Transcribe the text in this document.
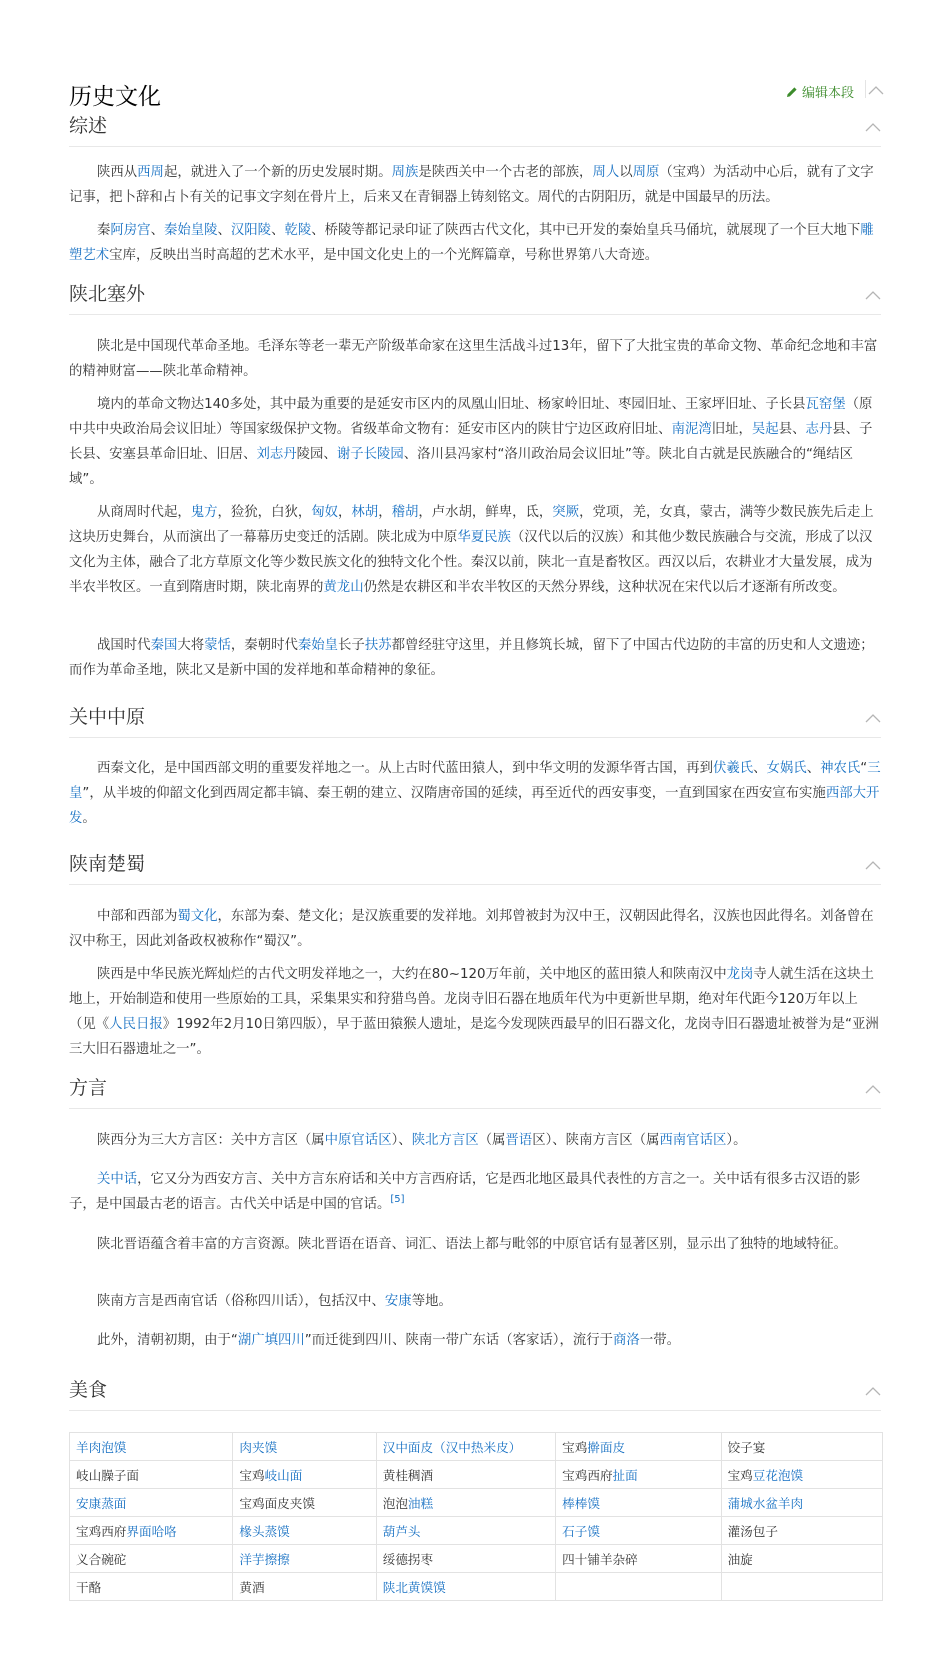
历史文化	编辑本段
综述

陕西从西周起，就进入了一个新的历史发展时期。周族是陕西关中一个古老的部族，周人以周原（宝鸡）为活动中心后，就有了文字记事，把卜辞和占卜有关的记事文字刻在骨片上，后来又在青铜器上铸刻铭文。周代的古阴阳历，就是中国最早的历法。

秦阿房宫、秦始皇陵、汉阳陵、乾陵、桥陵等都记录印证了陕西古代文化，其中已开发的秦始皇兵马俑坑，就展现了一个巨大地下雕塑艺术宝库，反映出当时高超的艺术水平，是中国文化史上的一个光辉篇章，号称世界第八大奇迹。

陕北塞外

陕北是中国现代革命圣地。毛泽东等老一辈无产阶级革命家在这里生活战斗过13年，留下了大批宝贵的革命文物、革命纪念地和丰富的精神财富——陕北革命精神。

境内的革命文物达140多处，其中最为重要的是延安市区内的凤凰山旧址、杨家岭旧址、枣园旧址、王家坪旧址、子长县瓦窑堡（原中共中央政治局会议旧址）等国家级保护文物。省级革命文物有：延安市区内的陕甘宁边区政府旧址、南泥湾旧址，吴起县、志丹县、子长县、安塞县革命旧址、旧居、刘志丹陵园、谢子长陵园、洛川县冯家村“洛川政治局会议旧址”等。陕北自古就是民族融合的“绳结区域”。

从商周时代起，鬼方，猃狁，白狄，匈奴，林胡，稽胡，卢水胡，鲜卑，氐，突厥，党项，羌，女真，蒙古，满等少数民族先后走上这块历史舞台，从而演出了一幕幕历史变迁的活剧。陕北成为中原华夏民族（汉代以后的汉族）和其他少数民族融合与交流，形成了以汉文化为主体，融合了北方草原文化等少数民族文化的独特文化个性。秦汉以前，陕北一直是畜牧区。西汉以后，农耕业才大量发展，成为半农半牧区。一直到隋唐时期，陕北南界的黄龙山仍然是农耕区和半农半牧区的天然分界线，这种状况在宋代以后才逐渐有所改变。

战国时代秦国大将蒙恬，秦朝时代秦始皇长子扶苏都曾经驻守这里，并且修筑长城，留下了中国古代边防的丰富的历史和人文遗迹；而作为革命圣地，陕北又是新中国的发祥地和革命精神的象征。

关中中原

西秦文化，是中国西部文明的重要发祥地之一。从上古时代蓝田猿人，到中华文明的发源华胥古国，再到伏羲氏、女娲氏、神农氏“三皇”，从半坡的仰韶文化到西周定都丰镐、秦王朝的建立、汉隋唐帝国的延续，再至近代的西安事变，一直到国家在西安宣布实施西部大开发。

陕南楚蜀

中部和西部为蜀文化，东部为秦、楚文化；是汉族重要的发祥地。刘邦曾被封为汉中王，汉朝因此得名，汉族也因此得名。刘备曾在汉中称王，因此刘备政权被称作“蜀汉”。

陕西是中华民族光辉灿烂的古代文明发祥地之一，大约在80~120万年前，关中地区的蓝田猿人和陕南汉中龙岗寺人就生活在这块土地上，开始制造和使用一些原始的工具，采集果实和狩猎鸟兽。龙岗寺旧石器在地质年代为中更新世早期，绝对年代距今120万年以上（见《人民日报》1992年2月10日第四版），早于蓝田猿猴人遗址，是迄今发现陕西最早的旧石器文化，龙岗寺旧石器遗址被誉为是“亚洲三大旧石器遗址之一”。

方言

陕西分为三大方言区：关中方言区（属中原官话区）、陕北方言区（属晋语区）、陕南方言区（属西南官话区）。

关中话，它又分为西安方言、关中方言东府话和关中方言西府话，它是西北地区最具代表性的方言之一。关中话有很多古汉语的影子，是中国最古老的语言。古代关中话是中国的官话。[5]

陕北晋语蕴含着丰富的方言资源。陕北晋语在语音、词汇、语法上都与毗邻的中原官话有显著区别，显示出了独特的地域特征。

陕南方言是西南官话（俗称四川话），包括汉中、安康等地。

此外，清朝初期，由于“湖广填四川”而迁徙到四川、陕南一带广东话（客家话），流行于商洛一带。

美食
羊肉泡馍	肉夹馍	汉中面皮（汉中热米皮）	宝鸡擀面皮	饺子宴
岐山臊子面	宝鸡岐山面	黄桂稠酒	宝鸡西府扯面	宝鸡豆花泡馍
安康蒸面	宝鸡面皮夹馍	泡泡油糕	棒棒馍	蒲城水盆羊肉
宝鸡西府界面哈咯	椽头蒸馍	葫芦头	石子馍	灌汤包子
义合碗砣	洋芋擦擦	绥德拐枣	四十铺羊杂碎	油旋
干酪	黄酒	陕北黄馍馍		
